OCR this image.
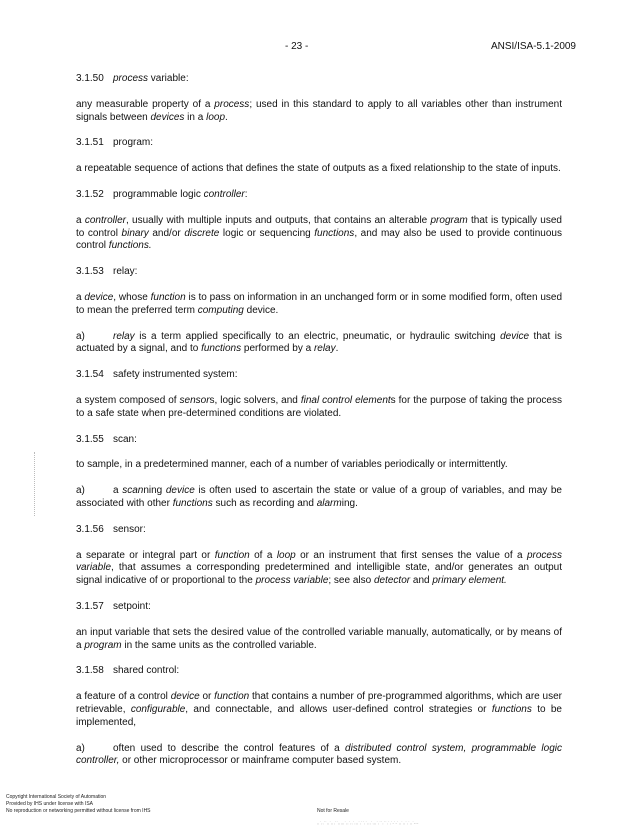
- 23 -	ANSI/ISA-5.1-2009

3.1.50 process variable:

any measurable property of a process; used in this standard to apply to all variables other than instrument signals between devices in a loop.

3.1.51 program:

a repeatable sequence of actions that defines the state of outputs as a fixed relationship to the state of inputs.

3.1.52 programmable logic controller:

a controller, usually with multiple inputs and outputs, that contains an alterable program that is typically used to control binary and/or discrete logic or sequencing functions, and may also be used to provide continuous control functions.

3.1.53 relay:

a device, whose function is to pass on information in an unchanged form or in some modified form, often used to mean the preferred term computing device.

a)	relay is a term applied specifically to an electric, pneumatic, or hydraulic switching device that is actuated by a signal, and to functions performed by a relay.

3.1.54 safety instrumented system:

a system composed of sensors, logic solvers, and final control elements for the purpose of taking the process to a safe state when pre-determined conditions are violated.

3.1.55 scan:

to sample, in a predetermined manner, each of a number of variables periodically or intermittently.

a)	a scanning device is often used to ascertain the state or value of a group of variables, and may be associated with other functions such as recording and alarming.

3.1.56 sensor:

a separate or integral part or function of a loop or an instrument that first senses the value of a process variable, that assumes a corresponding predetermined and intelligible state, and/or generates an output signal indicative of or proportional to the process variable; see also detector and primary element.

3.1.57 setpoint:

an input variable that sets the desired value of the controlled variable manually, automatically, or by means of a program in the same units as the controlled variable.

3.1.58 shared control:

a feature of a control device or function that contains a number of pre-programmed algorithms, which are user retrievable, configurable, and connectable, and allows user-defined control strategies or functions to be implemented,

a)	often used to describe the control features of a distributed control system, programmable logic controller, or other microprocessor or mainframe computer based system.

Copyright International Society of Automation
Provided by IHS under license with ISA
No reproduction or networking permitted without license from IHS	Not for Resale
,,`,,``,,`,,,``,,,,,`,,`,,`,,,`,``,`,,,`,,,`,``,``,`,`-`-`,,`,,`,`,,`---
